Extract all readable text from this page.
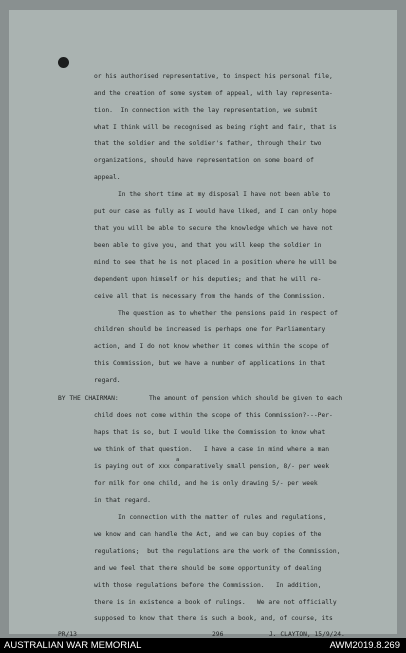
or his authorised representative, to inspect his personal file,
and the creation of some system of appeal, with lay representa-
tion.  In connection with the lay representation, we submit
what I think will be recognised as being right and fair, that is
that the soldier and the soldier's father, through their two
organizations, should have representation on some board of
appeal.
In the short time at my disposal I have not been able to
put our case as fully as I would have liked, and I can only hope
that you will be able to secure the knowledge which we have not
been able to give you, and that you will keep the soldier in
mind to see that he is not placed in a position where he will be
dependent upon himself or his deputies; and that he will re-
ceive all that is necessary from the hands of the Commission.
The question as to whether the pensions paid in respect of
children should be increased is perhaps one for Parliamentary
action, and I do not know whether it comes within the scope of
this Commission, but we have a number of applications in that
regard.
BY THE CHAIRMAN:	The amount of pension which should be given to each
child does not come within the scope of this Commission?---Per-
haps that is so, but I would like the Commission to know what
we think of that question.   I have a case in mind where a man
a
is paying out of xxx comparatively small pension, 8/- per week
for milk for one child, and he is only drawing 5/- per week
in that regard.
In connection with the matter of rules and regulations,
we know and can handle the Act, and we can buy copies of the
regulations;  but the regulations are the work of the Commission,
and we feel that there should be some opportunity of dealing
with those regulations before the Commission.   In addition,
there is in existence a book of rulings.   We are not officially
supposed to know that there is such a book, and, of course, its
PR/13	296	J. CLAYTON, 15/9/24.
AUSTRALIAN WAR MEMORIAL	AWM2019.8.269
